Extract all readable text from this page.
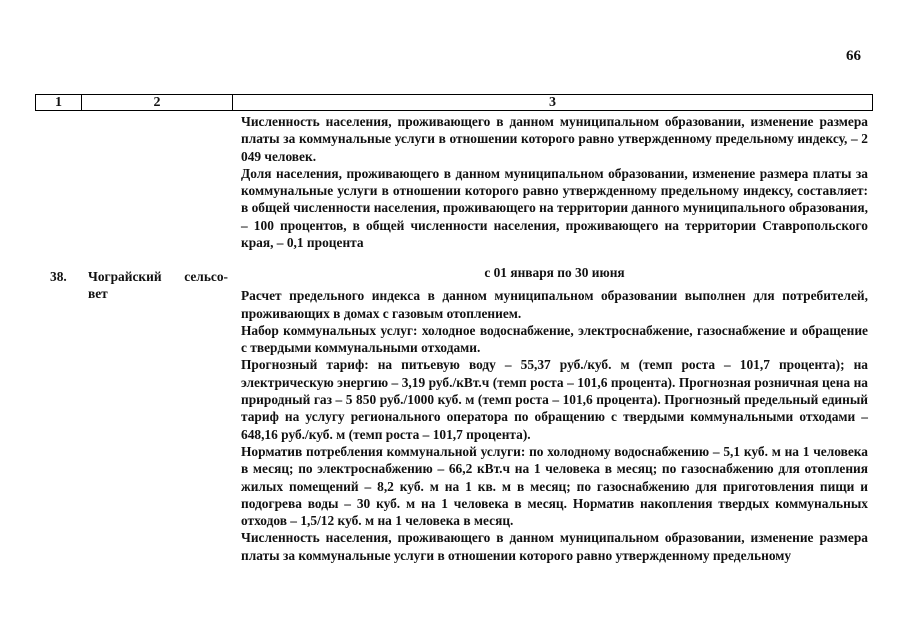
66
1	2	3

Численность населения, проживающего в данном муниципальном образовании, изменение размера платы за коммунальные услуги в отношении которого равно утвержденному предельному индексу, – 2 049 человек.

Доля населения, проживающего в данном муниципальном образовании, изменение размера платы за коммунальные услуги в отношении которого равно утвержденному предельному индексу, составляет: в общей численности населения, проживающего на территории данного муниципального образования, – 100 процентов, в общей численности населения, проживающего на территории Ставропольского края, – 0,1 процента

38. Чограйский сельсо-
вет

с 01 января по 30 июня

Расчет предельного индекса в данном муниципальном образовании выполнен для потребителей, проживающих в домах с газовым отоплением.

Набор коммунальных услуг: холодное водоснабжение, электроснабжение, газоснабжение и обращение с твердыми коммунальными отходами.

Прогнозный тариф: на питьевую воду – 55,37 руб./куб. м (темп роста – 101,7 процента); на электрическую энергию – 3,19 руб./кВт.ч (темп роста – 101,6 процента). Прогнозная розничная цена на природный газ – 5 850 руб./1000 куб. м (темп роста – 101,6 процента). Прогнозный предельный единый тариф на услугу регионального оператора по обращению с твердыми коммунальными отходами – 648,16 руб./куб. м (темп роста – 101,7 процента).

Норматив потребления коммунальной услуги: по холодному водоснабжению – 5,1 куб. м на 1 человека в месяц; по электроснабжению – 66,2 кВт.ч на 1 человека в месяц; по газоснабжению для отопления жилых помещений – 8,2 куб. м на 1 кв. м в месяц; по газоснабжению для приготовления пищи и подогрева воды – 30 куб. м на 1 человека в месяц. Норматив накопления твердых коммунальных отходов – 1,5/12 куб. м на 1 человека в месяц.

Численность населения, проживающего в данном муниципальном образовании, изменение размера платы за коммунальные услуги в отношении которого равно утвержденному предельному
